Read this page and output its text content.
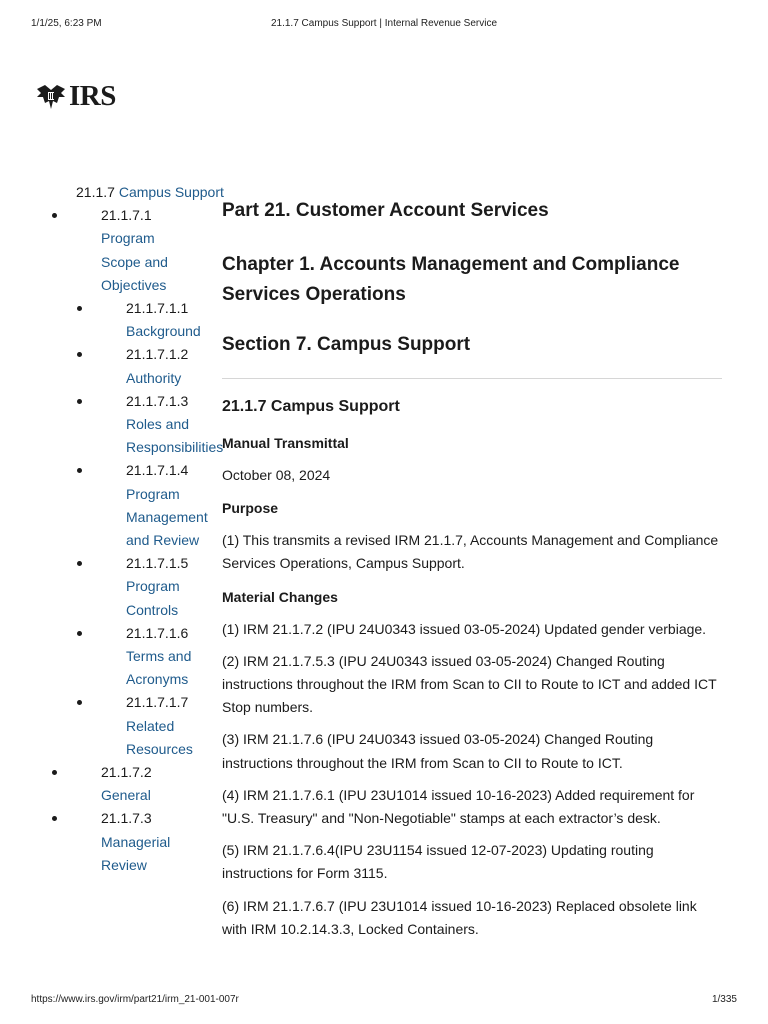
1/1/25, 6:23 PM	21.1.7 Campus Support | Internal Revenue Service
IRS
21.1.7 Campus Support
21.1.7.1
Program Scope and Objectives
21.1.7.1.1
Background
21.1.7.1.2
Authority
21.1.7.1.3
Roles and Responsibilities
21.1.7.1.4
Program Management and Review
21.1.7.1.5
Program Controls
21.1.7.1.6
Terms and Acronyms
21.1.7.1.7
Related Resources
21.1.7.2
General
21.1.7.3
Managerial Review
Part 21. Customer Account Services
Chapter 1. Accounts Management and Compliance Services Operations
Section 7. Campus Support
21.1.7 Campus Support

Manual Transmittal

October 08, 2024

Purpose

(1) This transmits a revised IRM 21.1.7, Accounts Management and Compliance Services Operations, Campus Support.

Material Changes

(1) IRM 21.1.7.2 (IPU 24U0343 issued 03-05-2024) Updated gender verbiage.

(2) IRM 21.1.7.5.3 (IPU 24U0343 issued 03-05-2024) Changed Routing instructions throughout the IRM from Scan to CII to Route to ICT and added ICT Stop numbers.

(3) IRM 21.1.7.6 (IPU 24U0343 issued 03-05-2024) Changed Routing instructions throughout the IRM from Scan to CII to Route to ICT.

(4) IRM 21.1.7.6.1 (IPU 23U1014 issued 10-16-2023) Added requirement for "U.S. Treasury" and "Non-Negotiable" stamps at each extractor’s desk.

(5) IRM 21.1.7.6.4(IPU 23U1154 issued 12-07-2023) Updating routing instructions for Form 3115.

(6) IRM 21.1.7.6.7 (IPU 23U1014 issued 10-16-2023) Replaced obsolete link with IRM 10.2.14.3.3, Locked Containers.

https://www.irs.gov/irm/part21/irm_21-001-007r	1/335
